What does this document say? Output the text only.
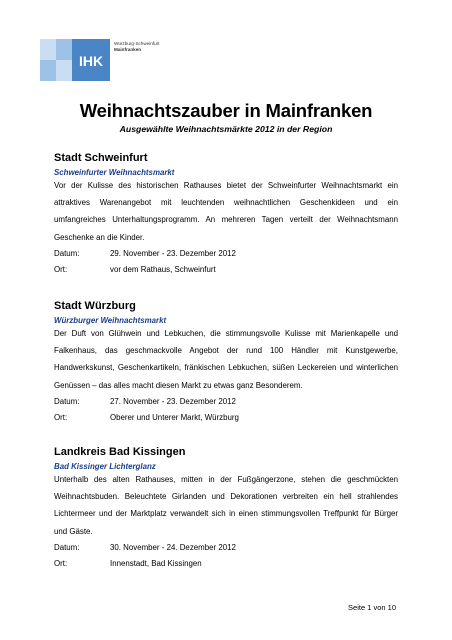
IHK
Würzburg-Schweinfurt
Mainfranken
Weihnachtszauber in Mainfranken
Ausgewählte Weihnachtsmärkte 2012 in der Region
Stadt Schweinfurt
Schweinfurter Weihnachtsmarkt
Vor der Kulisse des historischen Rathauses bietet der Schweinfurter Weihnachtsmarkt ein attraktives Warenangebot mit leuchtenden weihnachtlichen Geschenkideen und ein umfangreiches Unterhaltungsprogramm. An mehreren Tagen verteilt der Weihnachtsmann Geschenke an die Kinder.
Datum:	29. November - 23. Dezember 2012
Ort:	vor dem Rathaus, Schweinfurt
Stadt Würzburg
Würzburger Weihnachtsmarkt
Der Duft von Glühwein und Lebkuchen, die stimmungsvolle Kulisse mit Marienkapelle und Falkenhaus, das geschmackvolle Angebot der rund 100 Händler mit Kunstgewerbe, Handwerkskunst, Geschenkartikeln, fränkischen Lebkuchen, süßen Leckereien und winterlichen Genüssen – das alles macht diesen Markt zu etwas ganz Besonderem.
Datum:	27. November - 23. Dezember 2012
Ort:	Oberer und Unterer Markt, Würzburg
Landkreis Bad Kissingen
Bad Kissinger Lichterglanz
Unterhalb des alten Rathauses, mitten in der Fußgängerzone, stehen die geschmückten Weihnachtsbuden. Beleuchtete Girlanden und Dekorationen verbreiten ein hell strahlendes Lichtermeer und der Marktplatz verwandelt sich in einen stimmungsvollen Treffpunkt für Bürger und Gäste.
Datum:	30. November - 24. Dezember 2012
Ort:	Innenstadt, Bad Kissingen
Seite 1 von 10
